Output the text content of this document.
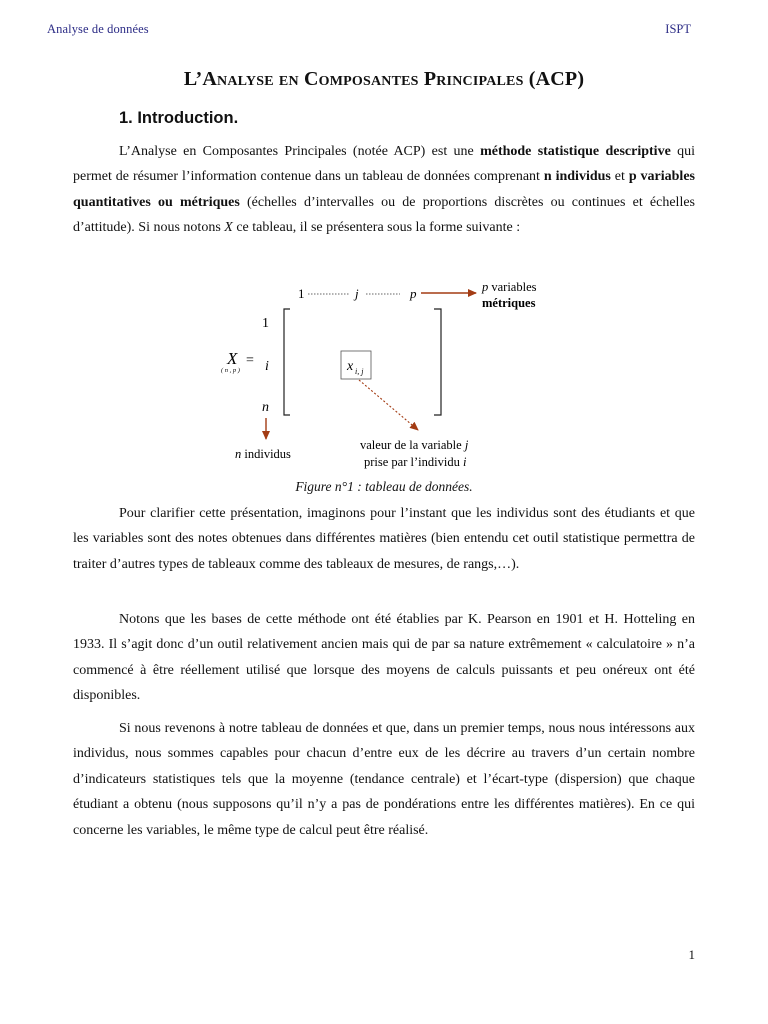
Analyse de données	ISPT
L’Analyse en Composantes Principales (ACP)
1. Introduction.

L’Analyse en Composantes Principales (notée ACP) est une méthode statistique descriptive qui permet de résumer l’information contenue dans un tableau de données comprenant n individus et p variables quantitatives ou métriques (échelles d’intervalles ou de proportions discrètes ou continues et échelles d’attitude). Si nous notons X ce tableau, il se présentera sous la forme suivante :

1	j	p	p variables
métriques
1
i
n
X =
( n , p )	x i, j
n individus
valeur de la variable j
prise par l’individu i
Figure n°1 : tableau de données.

Pour clarifier cette présentation, imaginons pour l’instant que les individus sont des étudiants et que les variables sont des notes obtenues dans différentes matières (bien entendu cet outil statistique permettra de traiter d’autres types de tableaux comme des tableaux de mesures, de rangs,…).

Notons que les bases de cette méthode ont été établies par K. Pearson en 1901 et H. Hotteling en 1933. Il s’agit donc d’un outil relativement ancien mais qui de par sa nature extrêmement « calculatoire » n’a commencé à être réellement utilisé que lorsque des moyens de calculs puissants et peu onéreux ont été disponibles.

Si nous revenons à notre tableau de données et que, dans un premier temps, nous nous intéressons aux individus, nous sommes capables pour chacun d’entre eux de les décrire au travers d’un certain nombre d’indicateurs statistiques tels que la moyenne (tendance centrale) et l’écart-type (dispersion) que chaque étudiant a obtenu (nous supposons qu’il n’y a pas de pondérations entre les différentes matières). En ce qui concerne les variables, le même type de calcul peut être réalisé.

1
